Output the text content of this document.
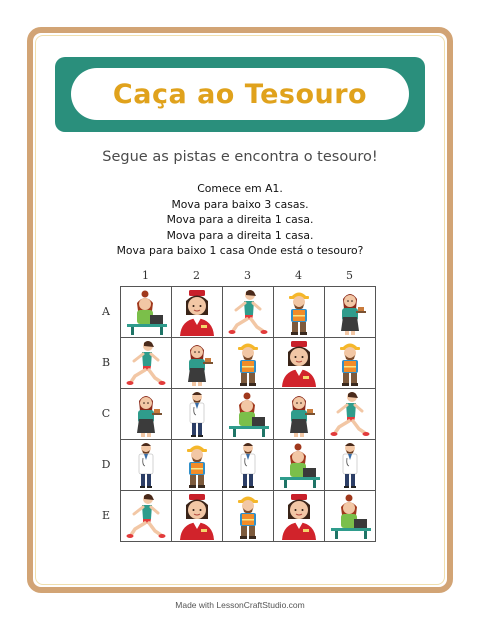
Caça ao Tesouro
Segue as pistas e encontra o tesouro!
Comece em A1.
Mova para baixo 3 casas.
Mova para a direita 1 casa.
Mova para a direita 1 casa.
Mova para baixo 1 casa Onde está o tesouro?
1	2	3	4	5
A
B
C
D
E
Made with LessonCraftStudio.com
